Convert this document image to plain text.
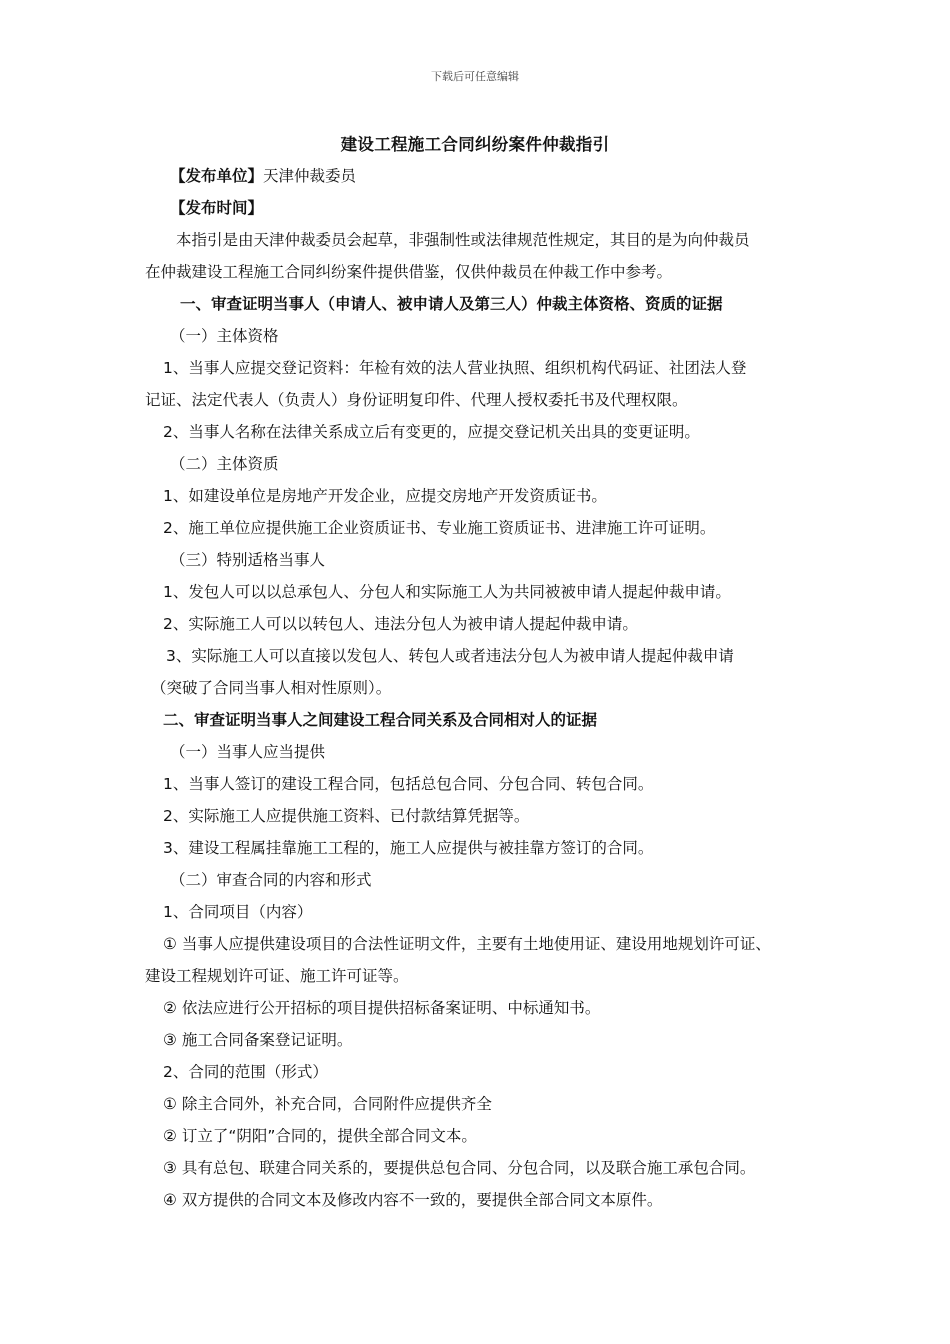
下载后可任意编辑
建设工程施工合同纠纷案件仲裁指引
【发布单位】天津仲裁委员
【发布时间】
本指引是由天津仲裁委员会起草，非强制性或法律规范性规定，其目的是为向仲裁员
在仲裁建设工程施工合同纠纷案件提供借鉴，仅供仲裁员在仲裁工作中参考。
一、审查证明当事人（申请人、被申请人及第三人）仲裁主体资格、资质的证据
（一）主体资格
1、当事人应提交登记资料：年检有效的法人营业执照、组织机构代码证、社团法人登
记证、法定代表人（负责人）身份证明复印件、代理人授权委托书及代理权限。
2、当事人名称在法律关系成立后有变更的，应提交登记机关出具的变更证明。
（二）主体资质
1、如建设单位是房地产开发企业，应提交房地产开发资质证书。
2、施工单位应提供施工企业资质证书、专业施工资质证书、进津施工许可证明。
（三）特别适格当事人
1、发包人可以以总承包人、分包人和实际施工人为共同被被申请人提起仲裁申请。
2、实际施工人可以以转包人、违法分包人为被申请人提起仲裁申请。
3、实际施工人可以直接以发包人、转包人或者违法分包人为被申请人提起仲裁申请
（突破了合同当事人相对性原则）。
二、审查证明当事人之间建设工程合同关系及合同相对人的证据
（一）当事人应当提供
1、当事人签订的建设工程合同，包括总包合同、分包合同、转包合同。
2、实际施工人应提供施工资料、已付款结算凭据等。
3、建设工程属挂靠施工工程的，施工人应提供与被挂靠方签订的合同。
（二）审查合同的内容和形式
1、合同项目（内容）
① 当事人应提供建设项目的合法性证明文件，主要有土地使用证、建设用地规划许可证、
建设工程规划许可证、施工许可证等。
② 依法应进行公开招标的项目提供招标备案证明、中标通知书。
③ 施工合同备案登记证明。
2、合同的范围（形式）
① 除主合同外，补充合同，合同附件应提供齐全
② 订立了“阴阳”合同的，提供全部合同文本。
③ 具有总包、联建合同关系的，要提供总包合同、分包合同，以及联合施工承包合同。
④ 双方提供的合同文本及修改内容不一致的，要提供全部合同文本原件。
